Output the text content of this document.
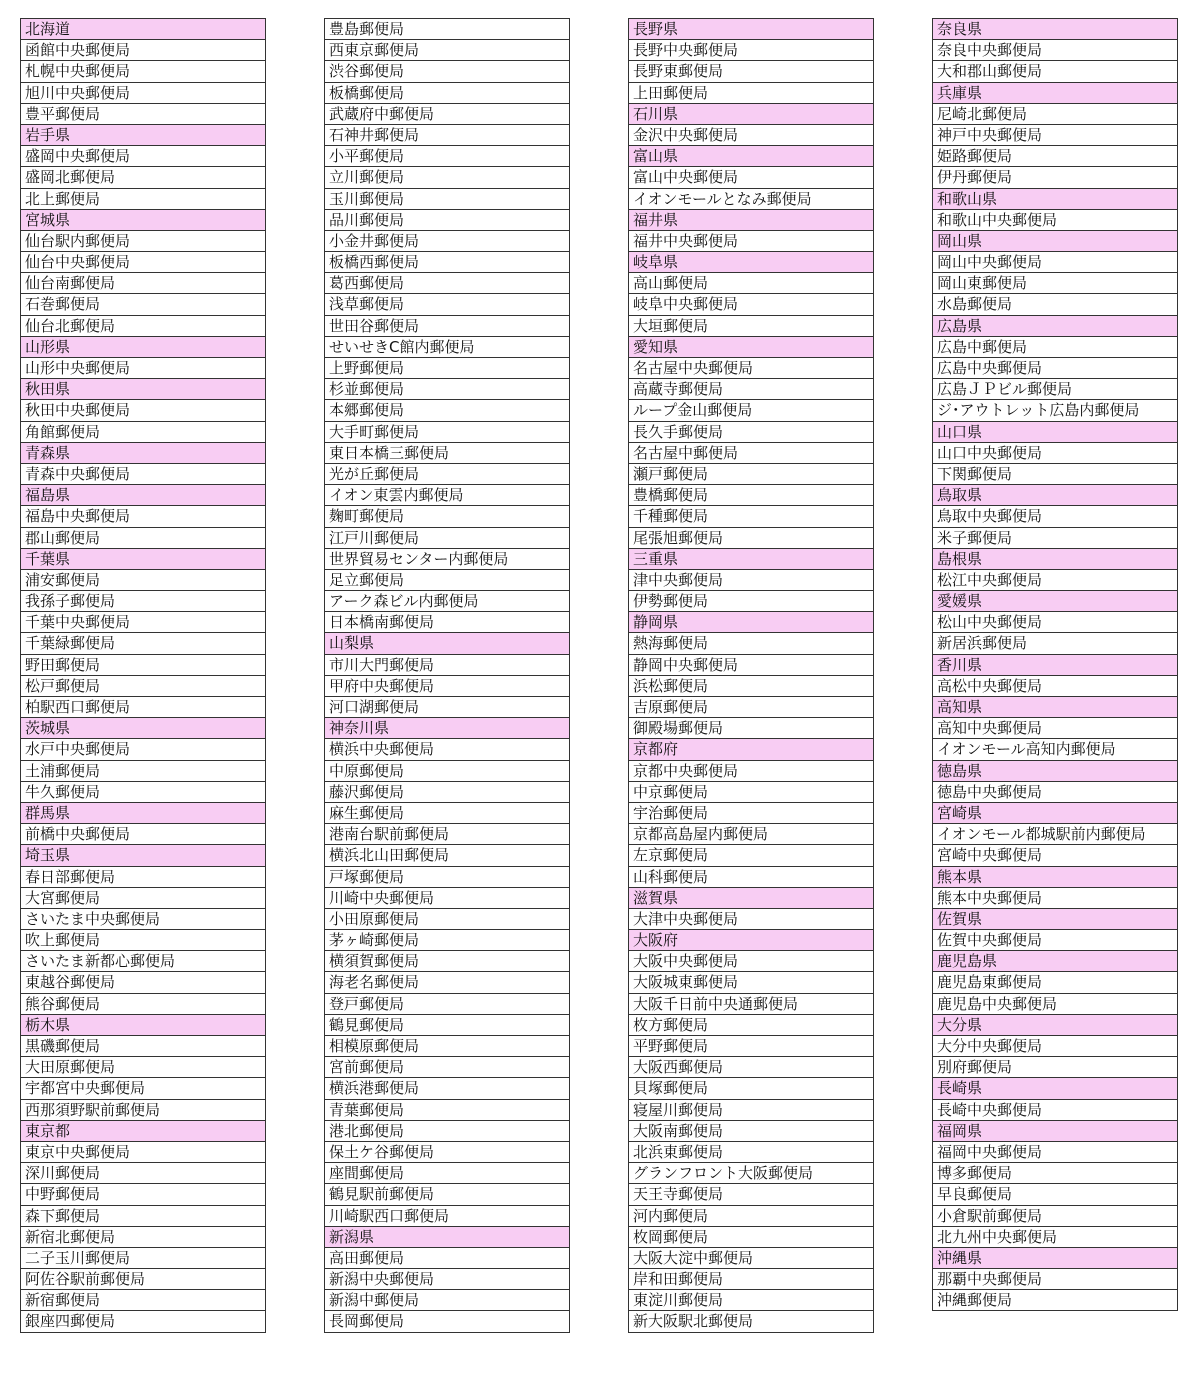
北海道
函館中央郵便局
札幌中央郵便局
旭川中央郵便局
豊平郵便局
岩手県
盛岡中央郵便局
盛岡北郵便局
北上郵便局
宮城県
仙台駅内郵便局
仙台中央郵便局
仙台南郵便局
石巻郵便局
仙台北郵便局
山形県
山形中央郵便局
秋田県
秋田中央郵便局
角館郵便局
青森県
青森中央郵便局
福島県
福島中央郵便局
郡山郵便局
千葉県
浦安郵便局
我孫子郵便局
千葉中央郵便局
千葉緑郵便局
野田郵便局
松戸郵便局
柏駅西口郵便局
茨城県
水戸中央郵便局
土浦郵便局
牛久郵便局
群馬県
前橋中央郵便局
埼玉県
春日部郵便局
大宮郵便局
さいたま中央郵便局
吹上郵便局
さいたま新都心郵便局
東越谷郵便局
熊谷郵便局
栃木県
黒磯郵便局
大田原郵便局
宇都宮中央郵便局
西那須野駅前郵便局
東京都
東京中央郵便局
深川郵便局
中野郵便局
森下郵便局
新宿北郵便局
二子玉川郵便局
阿佐谷駅前郵便局
新宿郵便局
銀座四郵便局
豊島郵便局
西東京郵便局
渋谷郵便局
板橋郵便局
武蔵府中郵便局
石神井郵便局
小平郵便局
立川郵便局
玉川郵便局
品川郵便局
小金井郵便局
板橋西郵便局
葛西郵便局
浅草郵便局
世田谷郵便局
せいせきC館内郵便局
上野郵便局
杉並郵便局
本郷郵便局
大手町郵便局
東日本橋三郵便局
光が丘郵便局
イオン東雲内郵便局
麹町郵便局
江戸川郵便局
世界貿易センター内郵便局
足立郵便局
アーク森ビル内郵便局
日本橋南郵便局
山梨県
市川大門郵便局
甲府中央郵便局
河口湖郵便局
神奈川県
横浜中央郵便局
中原郵便局
藤沢郵便局
麻生郵便局
港南台駅前郵便局
横浜北山田郵便局
戸塚郵便局
川崎中央郵便局
小田原郵便局
茅ヶ崎郵便局
横須賀郵便局
海老名郵便局
登戸郵便局
鶴見郵便局
相模原郵便局
宮前郵便局
横浜港郵便局
青葉郵便局
港北郵便局
保土ケ谷郵便局
座間郵便局
鶴見駅前郵便局
川崎駅西口郵便局
新潟県
高田郵便局
新潟中央郵便局
新潟中郵便局
長岡郵便局
長野県
長野中央郵便局
長野東郵便局
上田郵便局
石川県
金沢中央郵便局
富山県
富山中央郵便局
イオンモールとなみ郵便局
福井県
福井中央郵便局
岐阜県
高山郵便局
岐阜中央郵便局
大垣郵便局
愛知県
名古屋中央郵便局
高蔵寺郵便局
ループ金山郵便局
長久手郵便局
名古屋中郵便局
瀬戸郵便局
豊橋郵便局
千種郵便局
尾張旭郵便局
三重県
津中央郵便局
伊勢郵便局
静岡県
熱海郵便局
静岡中央郵便局
浜松郵便局
吉原郵便局
御殿場郵便局
京都府
京都中央郵便局
中京郵便局
宇治郵便局
京都高島屋内郵便局
左京郵便局
山科郵便局
滋賀県
大津中央郵便局
大阪府
大阪中央郵便局
大阪城東郵便局
大阪千日前中央通郵便局
枚方郵便局
平野郵便局
大阪西郵便局
貝塚郵便局
寝屋川郵便局
大阪南郵便局
北浜東郵便局
グランフロント大阪郵便局
天王寺郵便局
河内郵便局
枚岡郵便局
大阪大淀中郵便局
岸和田郵便局
東淀川郵便局
新大阪駅北郵便局
奈良県
奈良中央郵便局
大和郡山郵便局
兵庫県
尼崎北郵便局
神戸中央郵便局
姫路郵便局
伊丹郵便局
和歌山県
和歌山中央郵便局
岡山県
岡山中央郵便局
岡山東郵便局
水島郵便局
広島県
広島中郵便局
広島中央郵便局
広島ＪＰビル郵便局
ジ･アウトレット広島内郵便局
山口県
山口中央郵便局
下関郵便局
鳥取県
鳥取中央郵便局
米子郵便局
島根県
松江中央郵便局
愛媛県
松山中央郵便局
新居浜郵便局
香川県
高松中央郵便局
高知県
高知中央郵便局
イオンモール高知内郵便局
徳島県
徳島中央郵便局
宮崎県
イオンモール都城駅前内郵便局
宮崎中央郵便局
熊本県
熊本中央郵便局
佐賀県
佐賀中央郵便局
鹿児島県
鹿児島東郵便局
鹿児島中央郵便局
大分県
大分中央郵便局
別府郵便局
長崎県
長崎中央郵便局
福岡県
福岡中央郵便局
博多郵便局
早良郵便局
小倉駅前郵便局
北九州中央郵便局
沖縄県
那覇中央郵便局
沖縄郵便局
